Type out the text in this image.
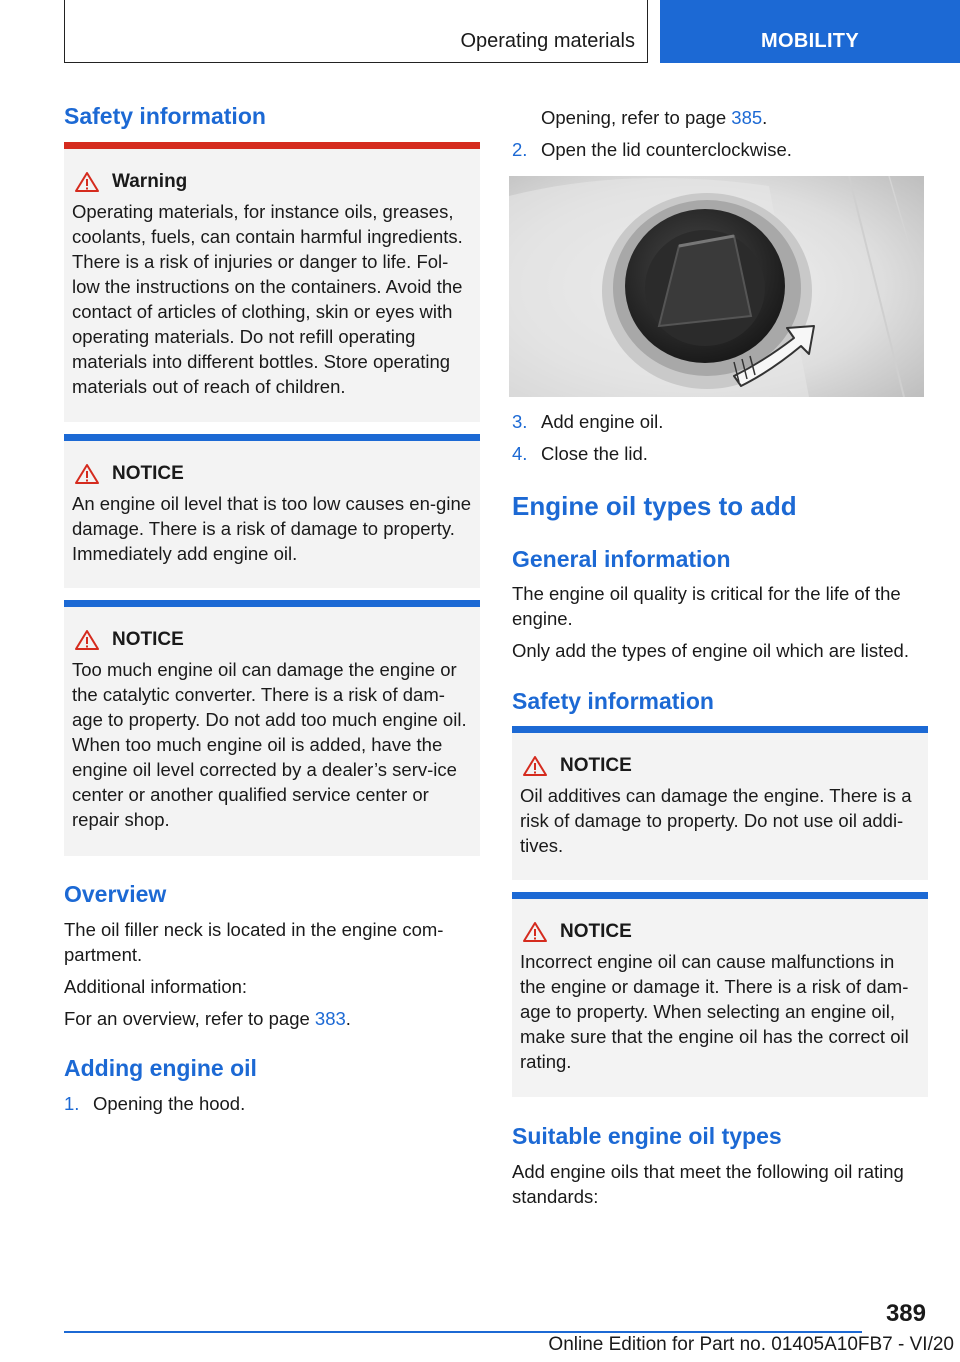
Operating materials	MOBILITY
Safety information
Warning

Operating materials, for instance oils, greases, coolants, fuels, can contain harmful ingredients. There is a risk of injuries or danger to life. Fol-low the instructions on the containers. Avoid the contact of articles of clothing, skin or eyes with operating materials. Do not refill operating materials into different bottles. Store operating materials out of reach of children.

NOTICE

An engine oil level that is too low causes en-gine damage. There is a risk of damage to property. Immediately add engine oil.

NOTICE

Too much engine oil can damage the engine or the catalytic converter. There is a risk of dam-age to property. Do not add too much engine oil. When too much engine oil is added, have the engine oil level corrected by a dealer’s serv-ice center or another qualified service center or repair shop.

Overview

The oil filler neck is located in the engine com-partment.

Additional information:

For an overview, refer to page 383.

Adding engine oil
1. Opening the hood.

Opening, refer to page 385.

2. Open the lid counterclockwise.
3. Add engine oil.
4. Close the lid.
Engine oil types to add
General information

The engine oil quality is critical for the life of the engine.

Only add the types of engine oil which are listed.

Safety information
NOTICE

Oil additives can damage the engine. There is a risk of damage to property. Do not use oil addi-tives.

NOTICE

Incorrect engine oil can cause malfunctions in the engine or damage it. There is a risk of dam-age to property. When selecting an engine oil, make sure that the engine oil has the correct oil rating.

Suitable engine oil types

Add engine oils that meet the following oil rating standards:

389
Online Edition for Part no. 01405A10FB7 - VI/20
